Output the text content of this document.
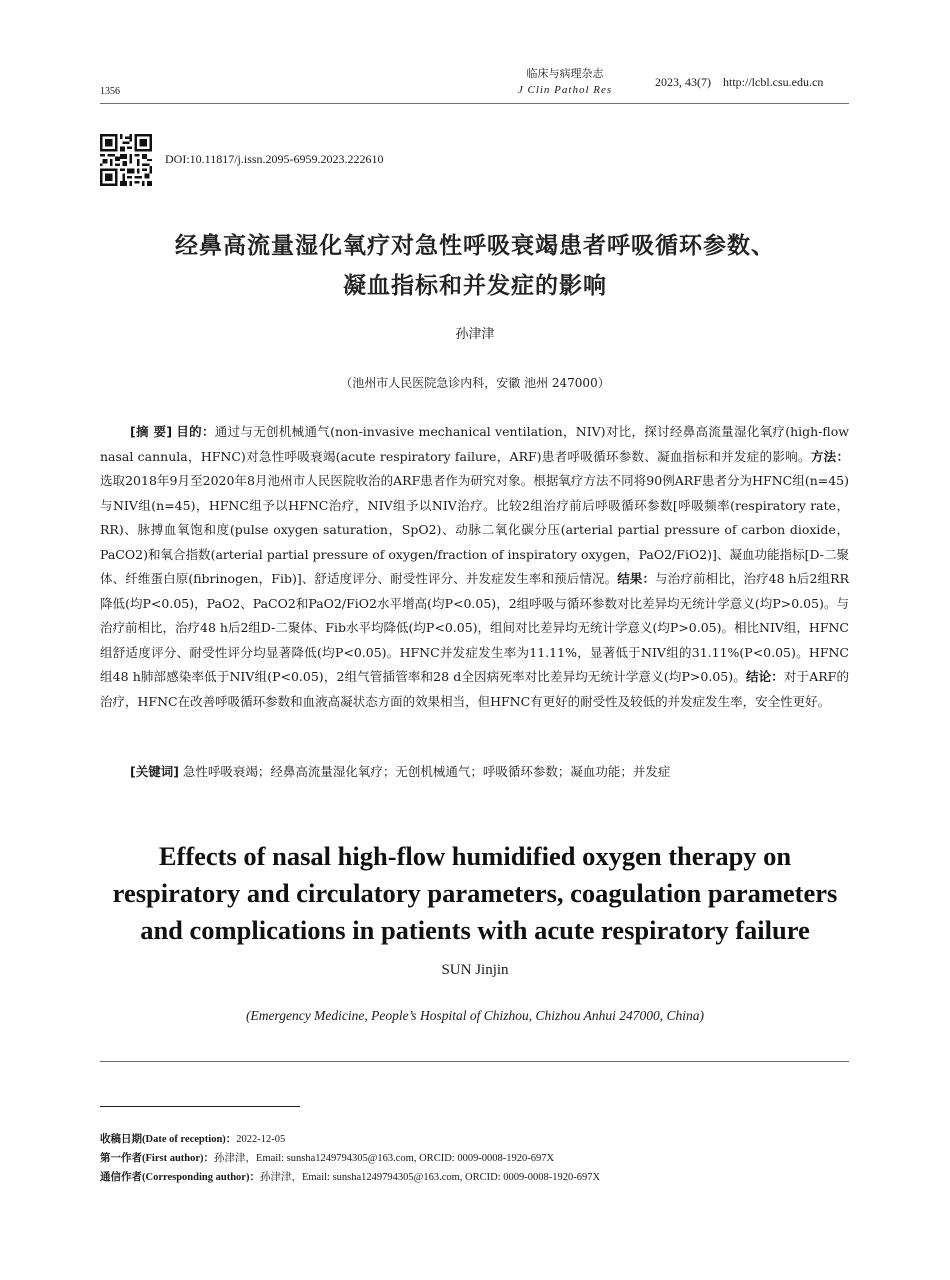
1356
临床与病理杂志
J Clin Pathol Res
2023, 43(7) http://lcbl.csu.edu.cn
DOI:10.11817/j.issn.2095-6959.2023.222610
经鼻高流量湿化氧疗对急性呼吸衰竭患者呼吸循环参数、
凝血指标和并发症的影响
孙津津
（池州市人民医院急诊内科，安徽 池州 247000）
[摘 要] 目的：通过与无创机械通气(non-invasive mechanical ventilation，NIV)对比，探讨经鼻高流量湿化氧疗(high-flow nasal cannula，HFNC)对急性呼吸衰竭(acute respiratory failure，ARF)患者呼吸循环参数、凝血指标和并发症的影响。方法：选取2018年9月至2020年8月池州市人民医院收治的ARF患者作为研究对象。根据氧疗方法不同将90例ARF患者分为HFNC组(n=45)与NIV组(n=45)，HFNC组予以HFNC治疗，NIV组予以NIV治疗。比较2组治疗前后呼吸循环参数[呼吸频率(respiratory rate，RR)、脉搏血氧饱和度(pulse oxygen saturation，SpO2)、动脉二氧化碳分压(arterial partial pressure of carbon dioxide，PaCO2)和氧合指数(arterial partial pressure of oxygen/fraction of inspiratory oxygen，PaO2/FiO2)]、凝血功能指标[D-二聚体、纤维蛋白原(fibrinogen，Fib)]、舒适度评分、耐受性评分、并发症发生率和预后情况。结果：与治疗前相比，治疗48 h后2组RR降低(均P<0.05)，PaO2、PaCO2和PaO2/FiO2水平增高(均P<0.05)，2组呼吸与循环参数对比差异均无统计学意义(均P>0.05)。与治疗前相比，治疗48 h后2组D-二聚体、Fib水平均降低(均P<0.05)，组间对比差异均无统计学意义(均P>0.05)。相比NIV组，HFNC组舒适度评分、耐受性评分均显著降低(均P<0.05)。HFNC并发症发生率为11.11%，显著低于NIV组的31.11%(P<0.05)。HFNC组48 h肺部感染率低于NIV组(P<0.05)，2组气管插管率和28 d全因病死率对比差异均无统计学意义(均P>0.05)。结论：对于ARF的治疗，HFNC在改善呼吸循环参数和血液高凝状态方面的效果相当，但HFNC有更好的耐受性及较低的并发症发生率，安全性更好。
[关键词] 急性呼吸衰竭；经鼻高流量湿化氧疗；无创机械通气；呼吸循环参数；凝血功能；并发症
Effects of nasal high-flow humidified oxygen therapy on
respiratory and circulatory parameters, coagulation parameters
and complications in patients with acute respiratory failure
SUN Jinjin
(Emergency Medicine, People’s Hospital of Chizhou, Chizhou Anhui 247000, China)
收稿日期(Date of reception)：2022-12-05
第一作者(First author)：孙津津，Email: sunsha1249794305@163.com, ORCID: 0009-0008-1920-697X
通信作者(Corresponding author)：孙津津，Email: sunsha1249794305@163.com, ORCID: 0009-0008-1920-697X
